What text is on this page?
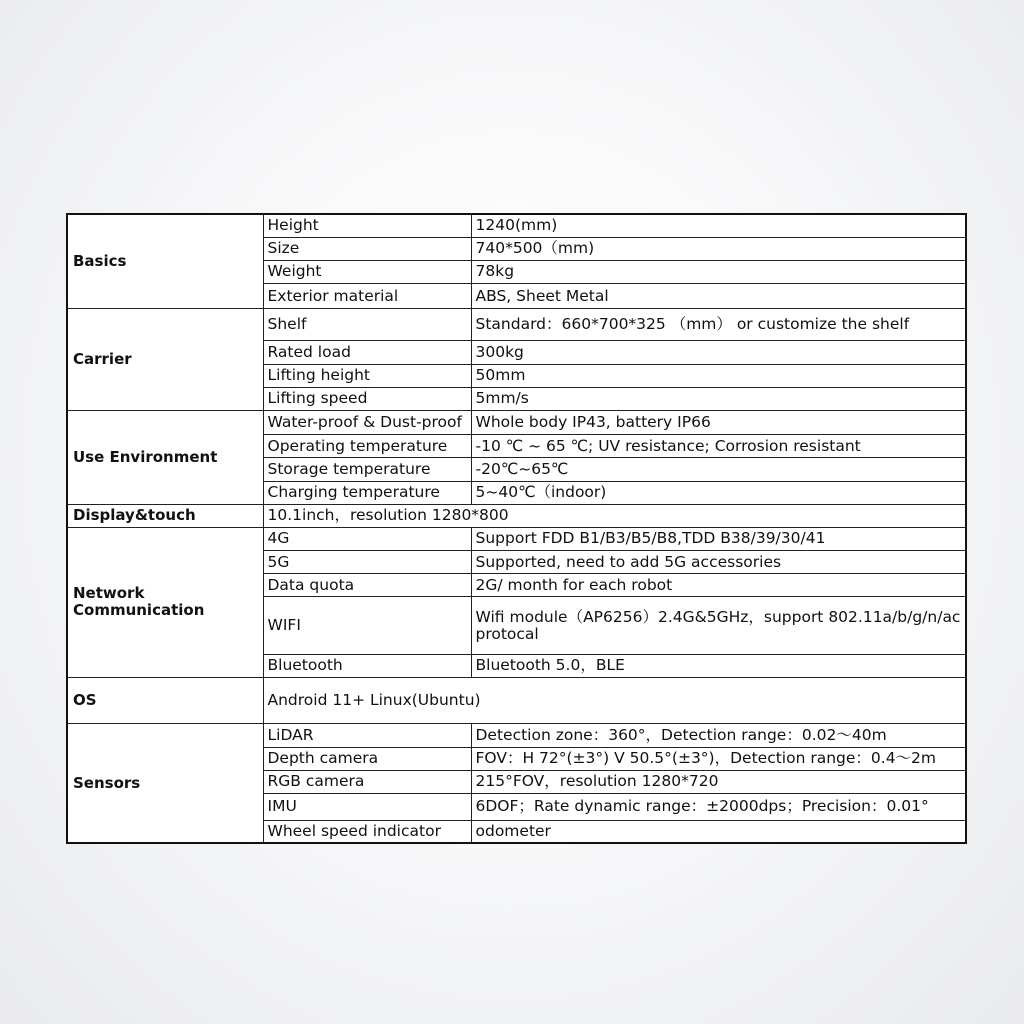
Basics	Height	1240(mm)
	Size	740*500（mm)
	Weight	78kg
	Exterior material	ABS, Sheet Metal
Carrier	Shelf	Standard：660*700*325 （mm） or customize the shelf
	Rated load	300kg
	Lifting height	50mm
	Lifting speed	5mm/s
Use Environment	Water-proof & Dust-proof	Whole body IP43, battery IP66
	Operating temperature	-10 ℃ ~ 65 ℃; UV resistance; Corrosion resistant
	Storage temperature	-20℃~65℃
	Charging temperature	5~40℃（indoor)
Display&touch	10.1inch，resolution 1280*800	
Network Communication	4G	Support FDD B1/B3/B5/B8,TDD B38/39/30/41
	5G	Supported, need to add 5G accessories
	Data quota	2G/ month for each robot
	WIFI	Wifi module（AP6256）2.4G&5GHz，support 802.11a/b/g/n/ac protocal
	Bluetooth	Bluetooth 5.0，BLE
OS	Android 11+ Linux(Ubuntu)	
Sensors	LiDAR	Detection zone：360°，Detection range：0.02～40m
	Depth camera	FOV：H 72°(±3°) V 50.5°(±3°)，Detection range：0.4～2m
	RGB camera	215°FOV，resolution 1280*720
	IMU	6DOF；Rate dynamic range：±2000dps；Precision：0.01°
	Wheel speed indicator	odometer
